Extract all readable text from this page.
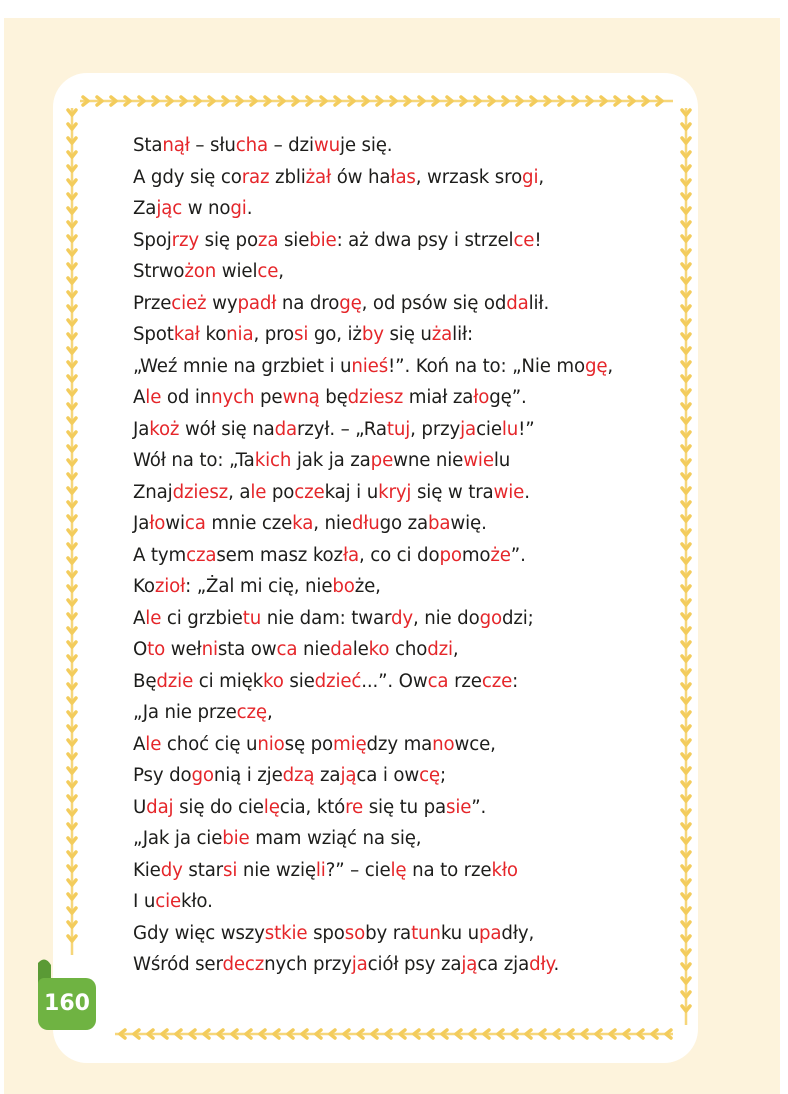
Stanął – słucha – dziwuje się.
A gdy się coraz zbliżał ów hałas, wrzask srogi,
Zając w nogi.
Spojrzy się poza siebie: aż dwa psy i strzelce!
Strwożon wielce,
Przecież wypadł na drogę, od psów się oddalił.
Spotkał konia, prosi go, iżby się użalił:
„Weź mnie na grzbiet i unieś!”. Koń na to: „Nie mogę,
Ale od innych pewną będziesz miał załogę”.
Jakoż wół się nadarzył. – „Ratuj, przyjacielu!”
Wół na to: „Takich jak ja zapewne niewielu
Znajdziesz, ale poczekaj i ukryj się w trawie.
Jałowica mnie czeka, niedługo zabawię.
A tymczasem masz kozła, co ci dopomoże”.
Kozioł: „Żal mi cię, nieboże,
Ale ci grzbietu nie dam: twardy, nie dogodzi;
Oto wełnista owca niedaleko chodzi,
Będzie ci miękko siedzieć...”. Owca rzecze:
„Ja nie przeczę,
Ale choć cię uniosę pomiędzy manowce,
Psy dogonią i zjedzą zająca i owcę;
Udaj się do cielęcia, które się tu pasie”.
„Jak ja ciebie mam wziąć na się,
Kiedy starsi nie wzięli?” – cielę na to rzekło
I uciekło.
Gdy więc wszystkie sposoby ratunku upadły,
Wśród serdecznych przyjaciół psy zająca zjadły.
160
